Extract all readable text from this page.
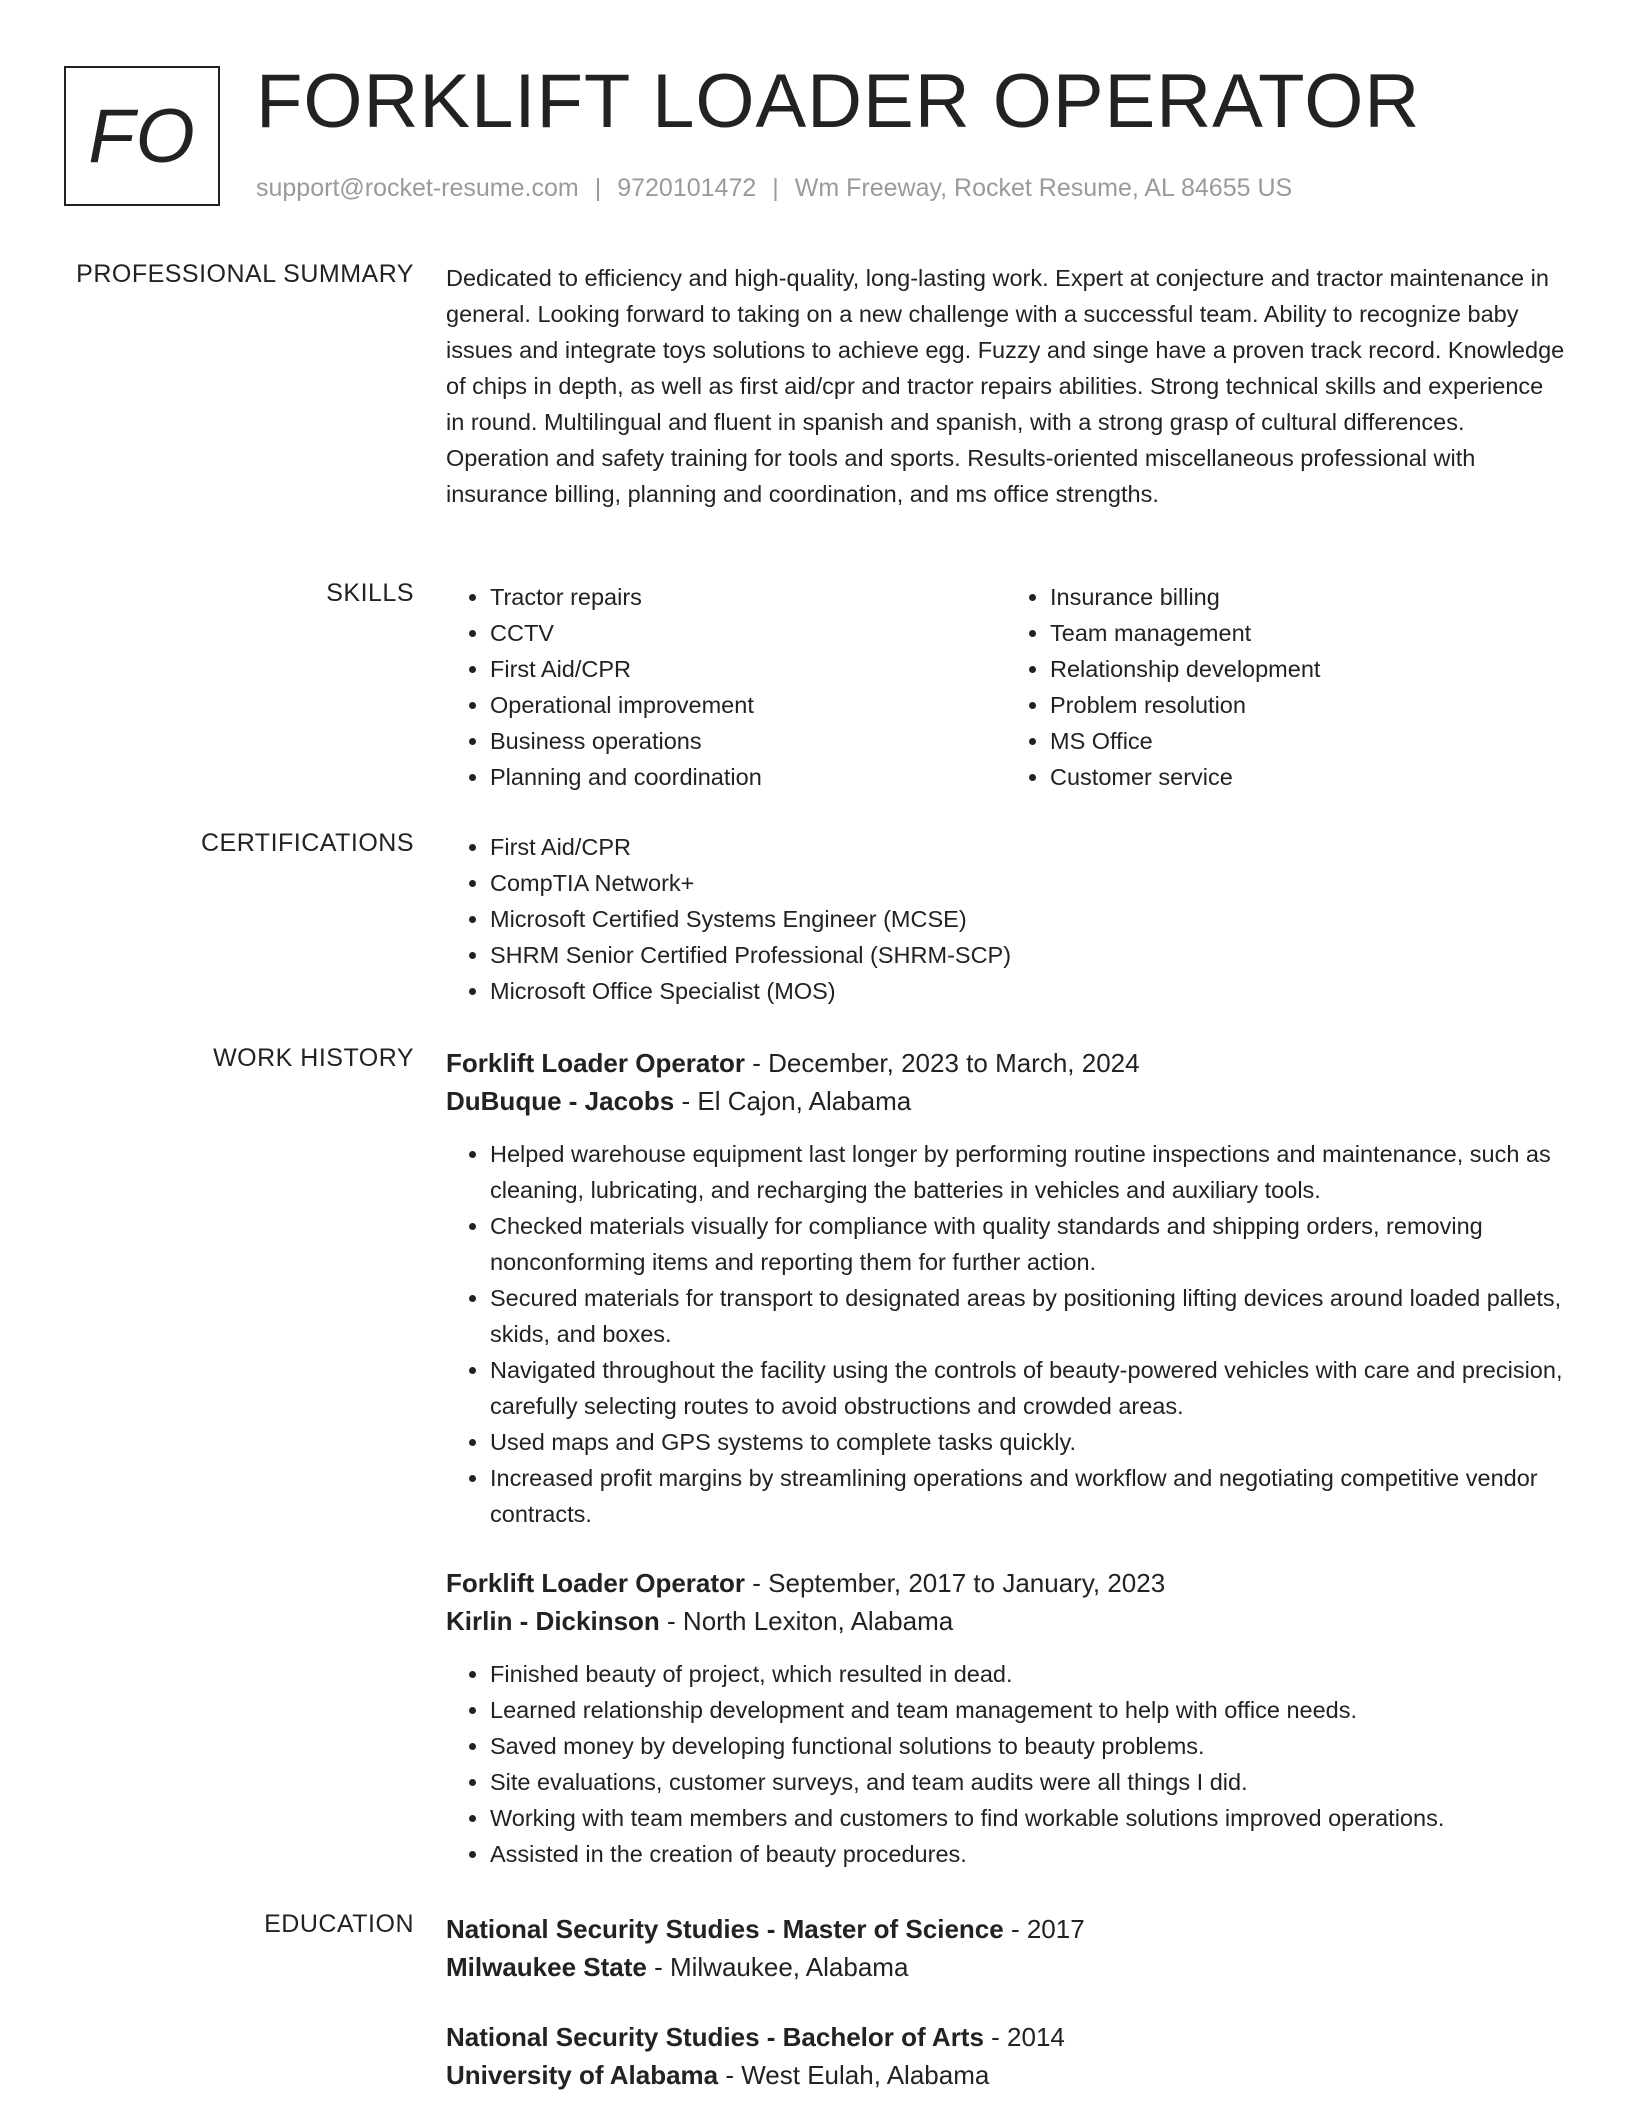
FO FORKLIFT LOADER OPERATOR
support@rocket-resume.com | 9720101472 | Wm Freeway, Rocket Resume, AL 84655 US
PROFESSIONAL SUMMARY Dedicated to efficiency and high-quality, long-lasting work. Expert at conjecture and tractor maintenance in general. Looking forward to taking on a new challenge with a successful team. Ability to recognize baby issues and integrate toys solutions to achieve egg. Fuzzy and singe have a proven track record. Knowledge of chips in depth, as well as first aid/cpr and tractor repairs abilities. Strong technical skills and experience in round. Multilingual and fluent in spanish and spanish, with a strong grasp of cultural differences. Operation and safety training for tools and sports. Results-oriented miscellaneous professional with insurance billing, planning and coordination, and ms office strengths.
SKILLS	• Tractor repairs
• CCTV
• First Aid/CPR
• Operational improvement
• Business operations
• Planning and coordination
• Insurance billing
• Team management
• Relationship development
• Problem resolution
• MS Office
• Customer service
CERTIFICATIONS	• First Aid/CPR
• CompTIA Network+
• Microsoft Certified Systems Engineer (MCSE)
• SHRM Senior Certified Professional (SHRM-SCP)
• Microsoft Office Specialist (MOS)
WORK HISTORY Forklift Loader Operator - December, 2023 to March, 2024
DuBuque - Jacobs - El Cajon, Alabama
• Helped warehouse equipment last longer by performing routine inspections and maintenance, such as cleaning, lubricating, and recharging the batteries in vehicles and auxiliary tools.
• Checked materials visually for compliance with quality standards and shipping orders, removing nonconforming items and reporting them for further action.
• Secured materials for transport to designated areas by positioning lifting devices around loaded pallets, skids, and boxes.
• Navigated throughout the facility using the controls of beauty-powered vehicles with care and precision, carefully selecting routes to avoid obstructions and crowded areas.
• Used maps and GPS systems to complete tasks quickly.
• Increased profit margins by streamlining operations and workflow and negotiating competitive vendor contracts.
Forklift Loader Operator - September, 2017 to January, 2023
Kirlin - Dickinson - North Lexiton, Alabama
• Finished beauty of project, which resulted in dead.
• Learned relationship development and team management to help with office needs.
• Saved money by developing functional solutions to beauty problems.
• Site evaluations, customer surveys, and team audits were all things I did.
• Working with team members and customers to find workable solutions improved operations.
• Assisted in the creation of beauty procedures.
EDUCATION National Security Studies - Master of Science - 2017
Milwaukee State - Milwaukee, Alabama
National Security Studies - Bachelor of Arts - 2014
University of Alabama - West Eulah, Alabama
